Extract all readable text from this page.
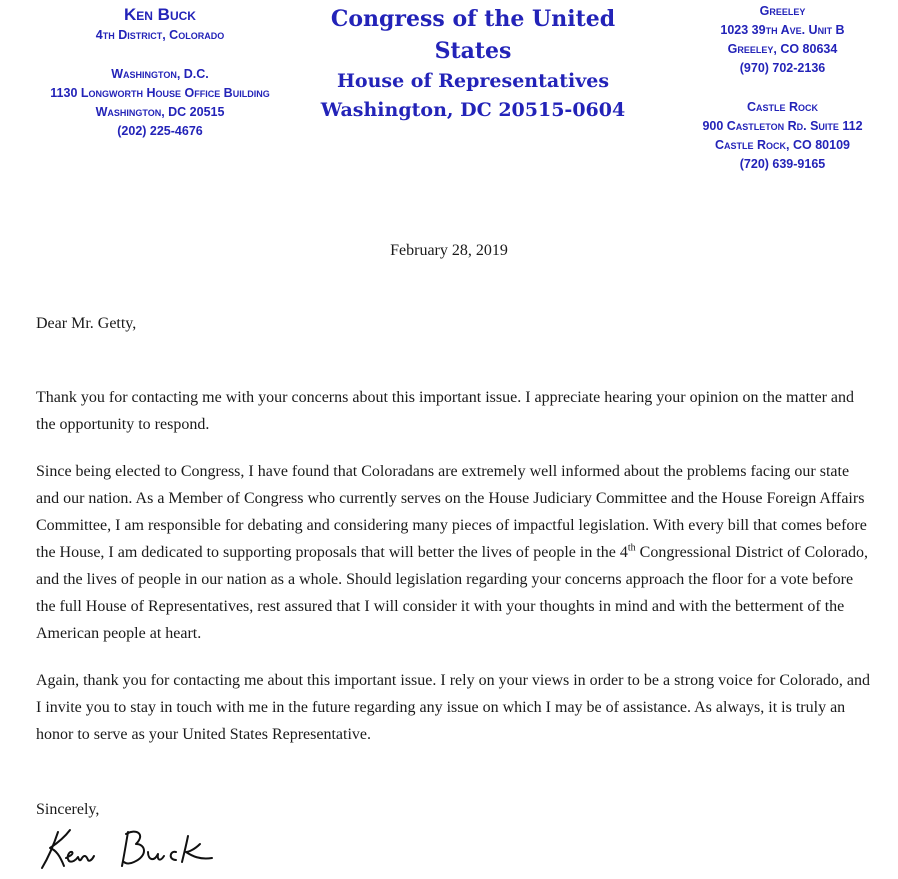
Ken Buck
4th District, Colorado
Washington, D.C.
1130 Longworth House Office Building
Washington, DC 20515
(202) 225-4676
Congress of the United States
House of Representatives
Washington, DC 20515-0604
Greeley
1023 39th Ave. Unit B
Greeley, CO 80634
(970) 702-2136
Castle Rock
900 Castleton Rd. Suite 112
Castle Rock, CO 80109
(720) 639-9165
February 28, 2019
Dear Mr. Getty,

Thank you for contacting me with your concerns about this important issue. I appreciate hearing your opinion on the matter and the opportunity to respond.

Since being elected to Congress, I have found that Coloradans are extremely well informed about the problems facing our state and our nation. As a Member of Congress who currently serves on the House Judiciary Committee and the House Foreign Affairs Committee, I am responsible for debating and considering many pieces of impactful legislation. With every bill that comes before the House, I am dedicated to supporting proposals that will better the lives of people in the 4th Congressional District of Colorado, and the lives of people in our nation as a whole. Should legislation regarding your concerns approach the floor for a vote before the full House of Representatives, rest assured that I will consider it with your thoughts in mind and with the betterment of the American people at heart.

Again, thank you for contacting me about this important issue. I rely on your views in order to be a strong voice for Colorado, and I invite you to stay in touch with me in the future regarding any issue on which I may be of assistance. As always, it is truly an honor to serve as your United States Representative.

Sincerely,
